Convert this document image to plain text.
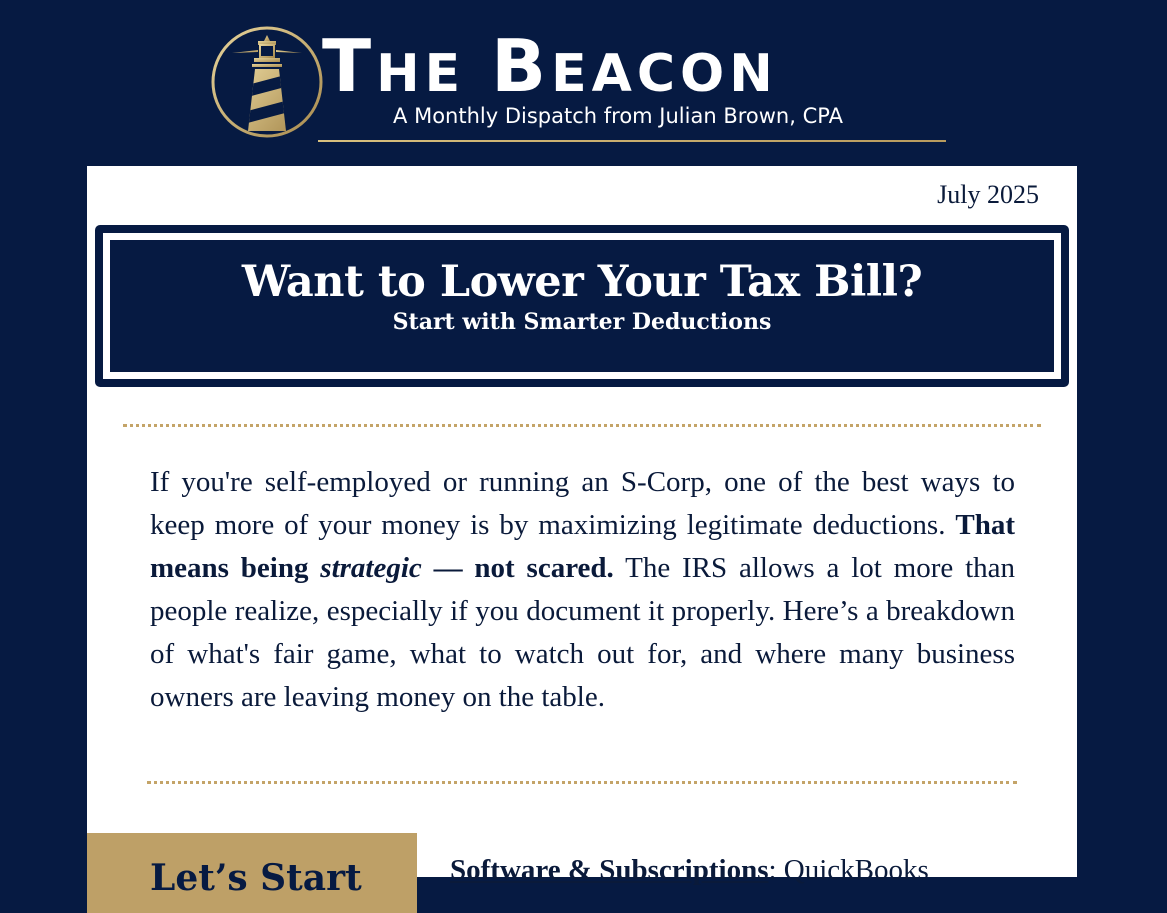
THE BEACON
A Monthly Dispatch from Julian Brown, CPA
July 2025
Want to Lower Your Tax Bill?
Start with Smarter Deductions

If you're self-employed or running an S-Corp, one of the best ways to keep more of your money is by maximizing legitimate deductions. That means being strategic — not scared. The IRS allows a lot more than people realize, especially if you document it properly. Here’s a breakdown of what's fair game, what to watch out for, and where many business owners are leaving money on the table.

Let’s Start	Software & Subscriptions: QuickBooks
